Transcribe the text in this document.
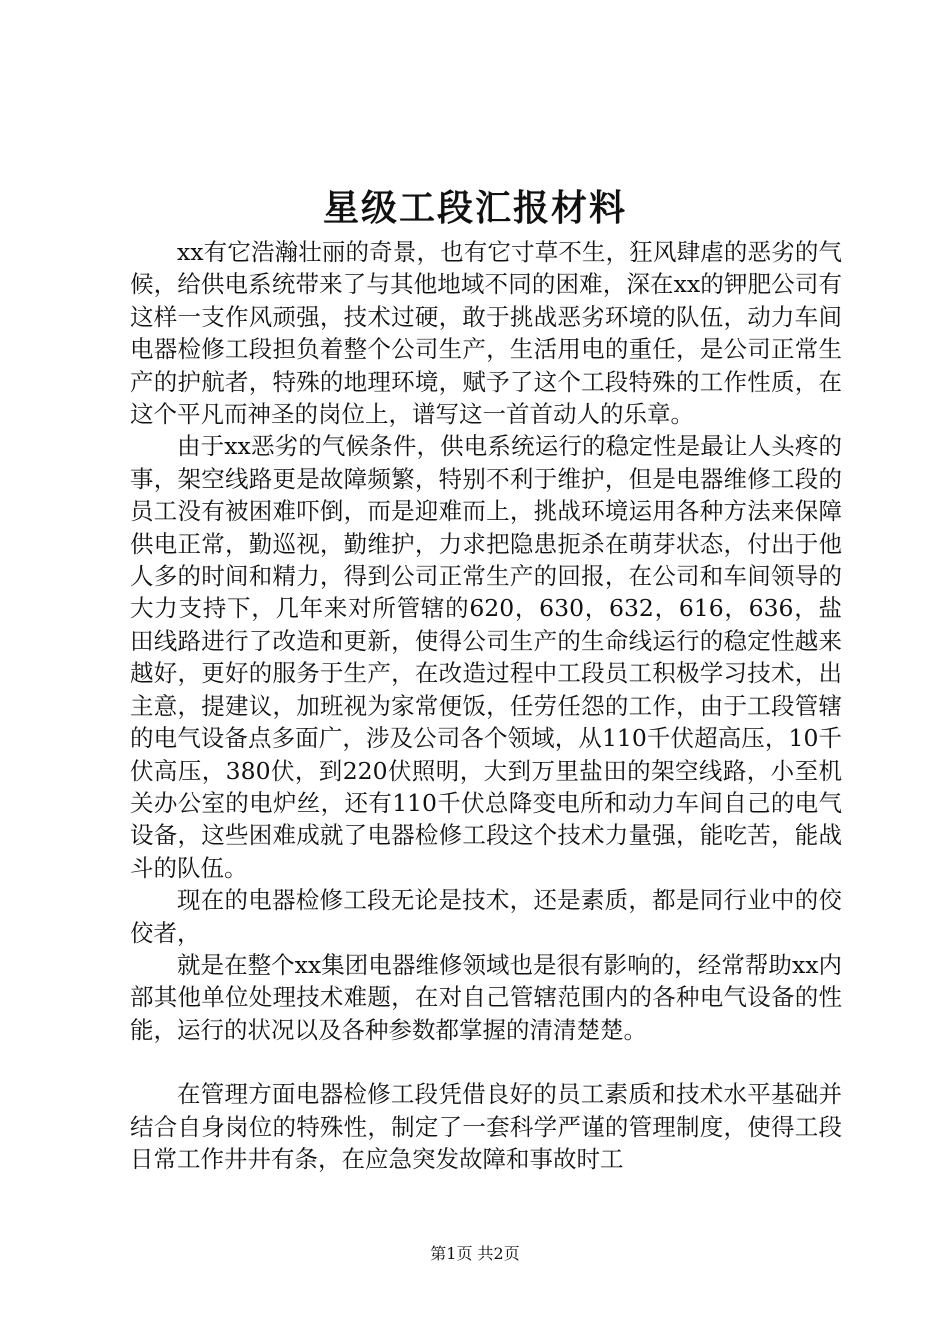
星级工段汇报材料

xx有它浩瀚壮丽的奇景，也有它寸草不生，狂风肆虐的恶劣的气候，给供电系统带来了与其他地域不同的困难，深在xx的钾肥公司有这样一支作风顽强，技术过硬，敢于挑战恶劣环境的队伍，动力车间电器检修工段担负着整个公司生产，生活用电的重任，是公司正常生产的护航者，特殊的地理环境，赋予了这个工段特殊的工作性质，在这个平凡而神圣的岗位上，谱写这一首首动人的乐章。

由于xx恶劣的气候条件，供电系统运行的稳定性是最让人头疼的事，架空线路更是故障频繁，特别不利于维护，但是电器维修工段的员工没有被困难吓倒，而是迎难而上，挑战环境运用各种方法来保障供电正常，勤巡视，勤维护，力求把隐患扼杀在萌芽状态，付出于他人多的时间和精力，得到公司正常生产的回报，在公司和车间领导的大力支持下，几年来对所管辖的620，630，632，616，636，盐田线路进行了改造和更新，使得公司生产的生命线运行的稳定性越来越好，更好的服务于生产，在改造过程中工段员工积极学习技术，出主意，提建议，加班视为家常便饭，任劳任怨的工作，由于工段管辖的电气设备点多面广，涉及公司各个领域，从110千伏超高压，10千伏高压，380伏，到220伏照明，大到万里盐田的架空线路，小至机关办公室的电炉丝，还有110千伏总降变电所和动力车间自己的电气设备，这些困难成就了电器检修工段这个技术力量强，能吃苦，能战斗的队伍。

现在的电器检修工段无论是技术，还是素质，都是同行业中的佼佼者，

就是在整个xx集团电器维修领域也是很有影响的，经常帮助xx内部其他单位处理技术难题，在对自己管辖范围内的各种电气设备的性能，运行的状况以及各种参数都掌握的清清楚楚。

在管理方面电器检修工段凭借良好的员工素质和技术水平基础并结合自身岗位的特殊性，制定了一套科学严谨的管理制度，使得工段日常工作井井有条，在应急突发故障和事故时工

第1页 共2页
